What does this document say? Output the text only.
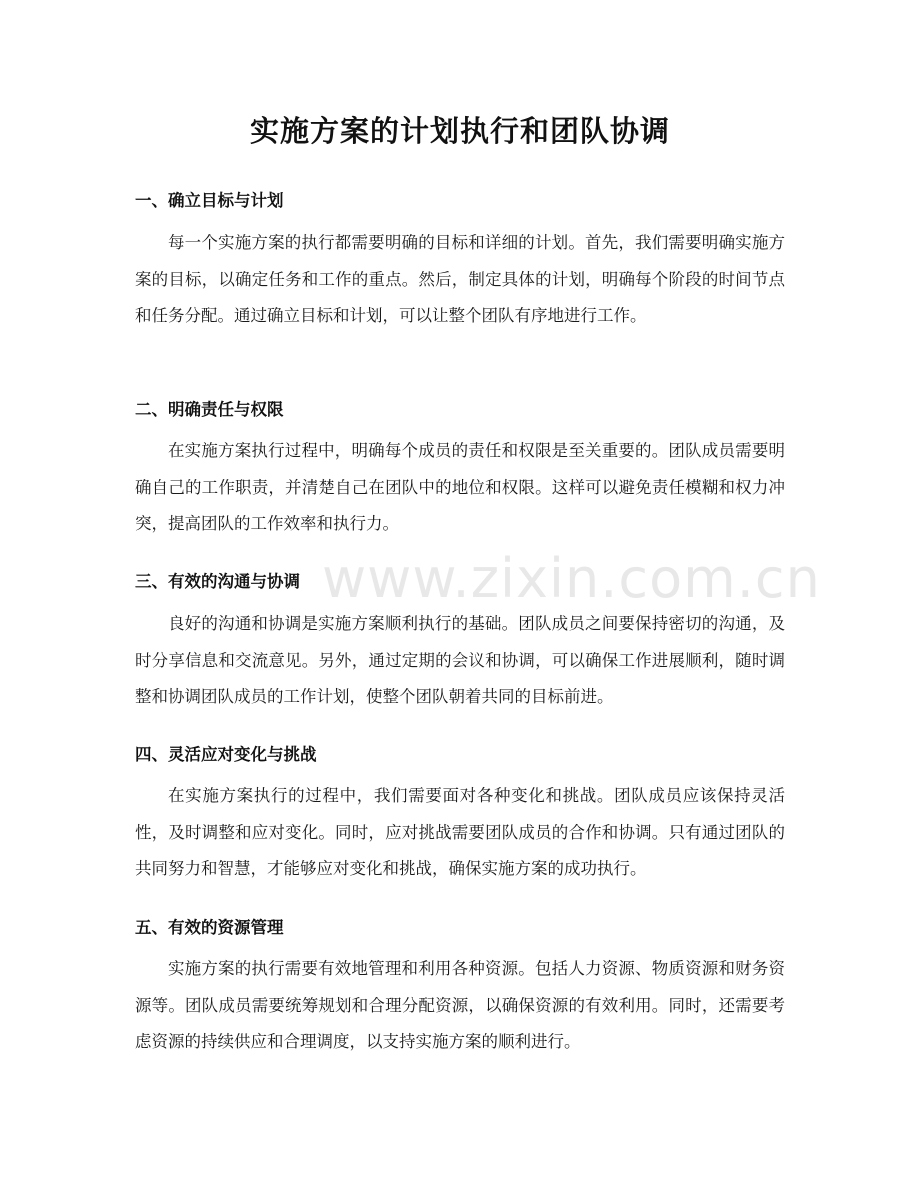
实施方案的计划执行和团队协调
一、确立目标与计划
每一个实施方案的执行都需要明确的目标和详细的计划。首先，我们需要明确实施方案的目标，以确定任务和工作的重点。然后，制定具体的计划，明确每个阶段的时间节点和任务分配。通过确立目标和计划，可以让整个团队有序地进行工作。
二、明确责任与权限
在实施方案执行过程中，明确每个成员的责任和权限是至关重要的。团队成员需要明确自己的工作职责，并清楚自己在团队中的地位和权限。这样可以避免责任模糊和权力冲突，提高团队的工作效率和执行力。
三、有效的沟通与协调
良好的沟通和协调是实施方案顺利执行的基础。团队成员之间要保持密切的沟通，及时分享信息和交流意见。另外，通过定期的会议和协调，可以确保工作进展顺利，随时调整和协调团队成员的工作计划，使整个团队朝着共同的目标前进。
四、灵活应对变化与挑战
在实施方案执行的过程中，我们需要面对各种变化和挑战。团队成员应该保持灵活性，及时调整和应对变化。同时，应对挑战需要团队成员的合作和协调。只有通过团队的共同努力和智慧，才能够应对变化和挑战，确保实施方案的成功执行。
五、有效的资源管理
实施方案的执行需要有效地管理和利用各种资源。包括人力资源、物质资源和财务资源等。团队成员需要统筹规划和合理分配资源，以确保资源的有效利用。同时，还需要考虑资源的持续供应和合理调度，以支持实施方案的顺利进行。
www.zixin.com.cn
